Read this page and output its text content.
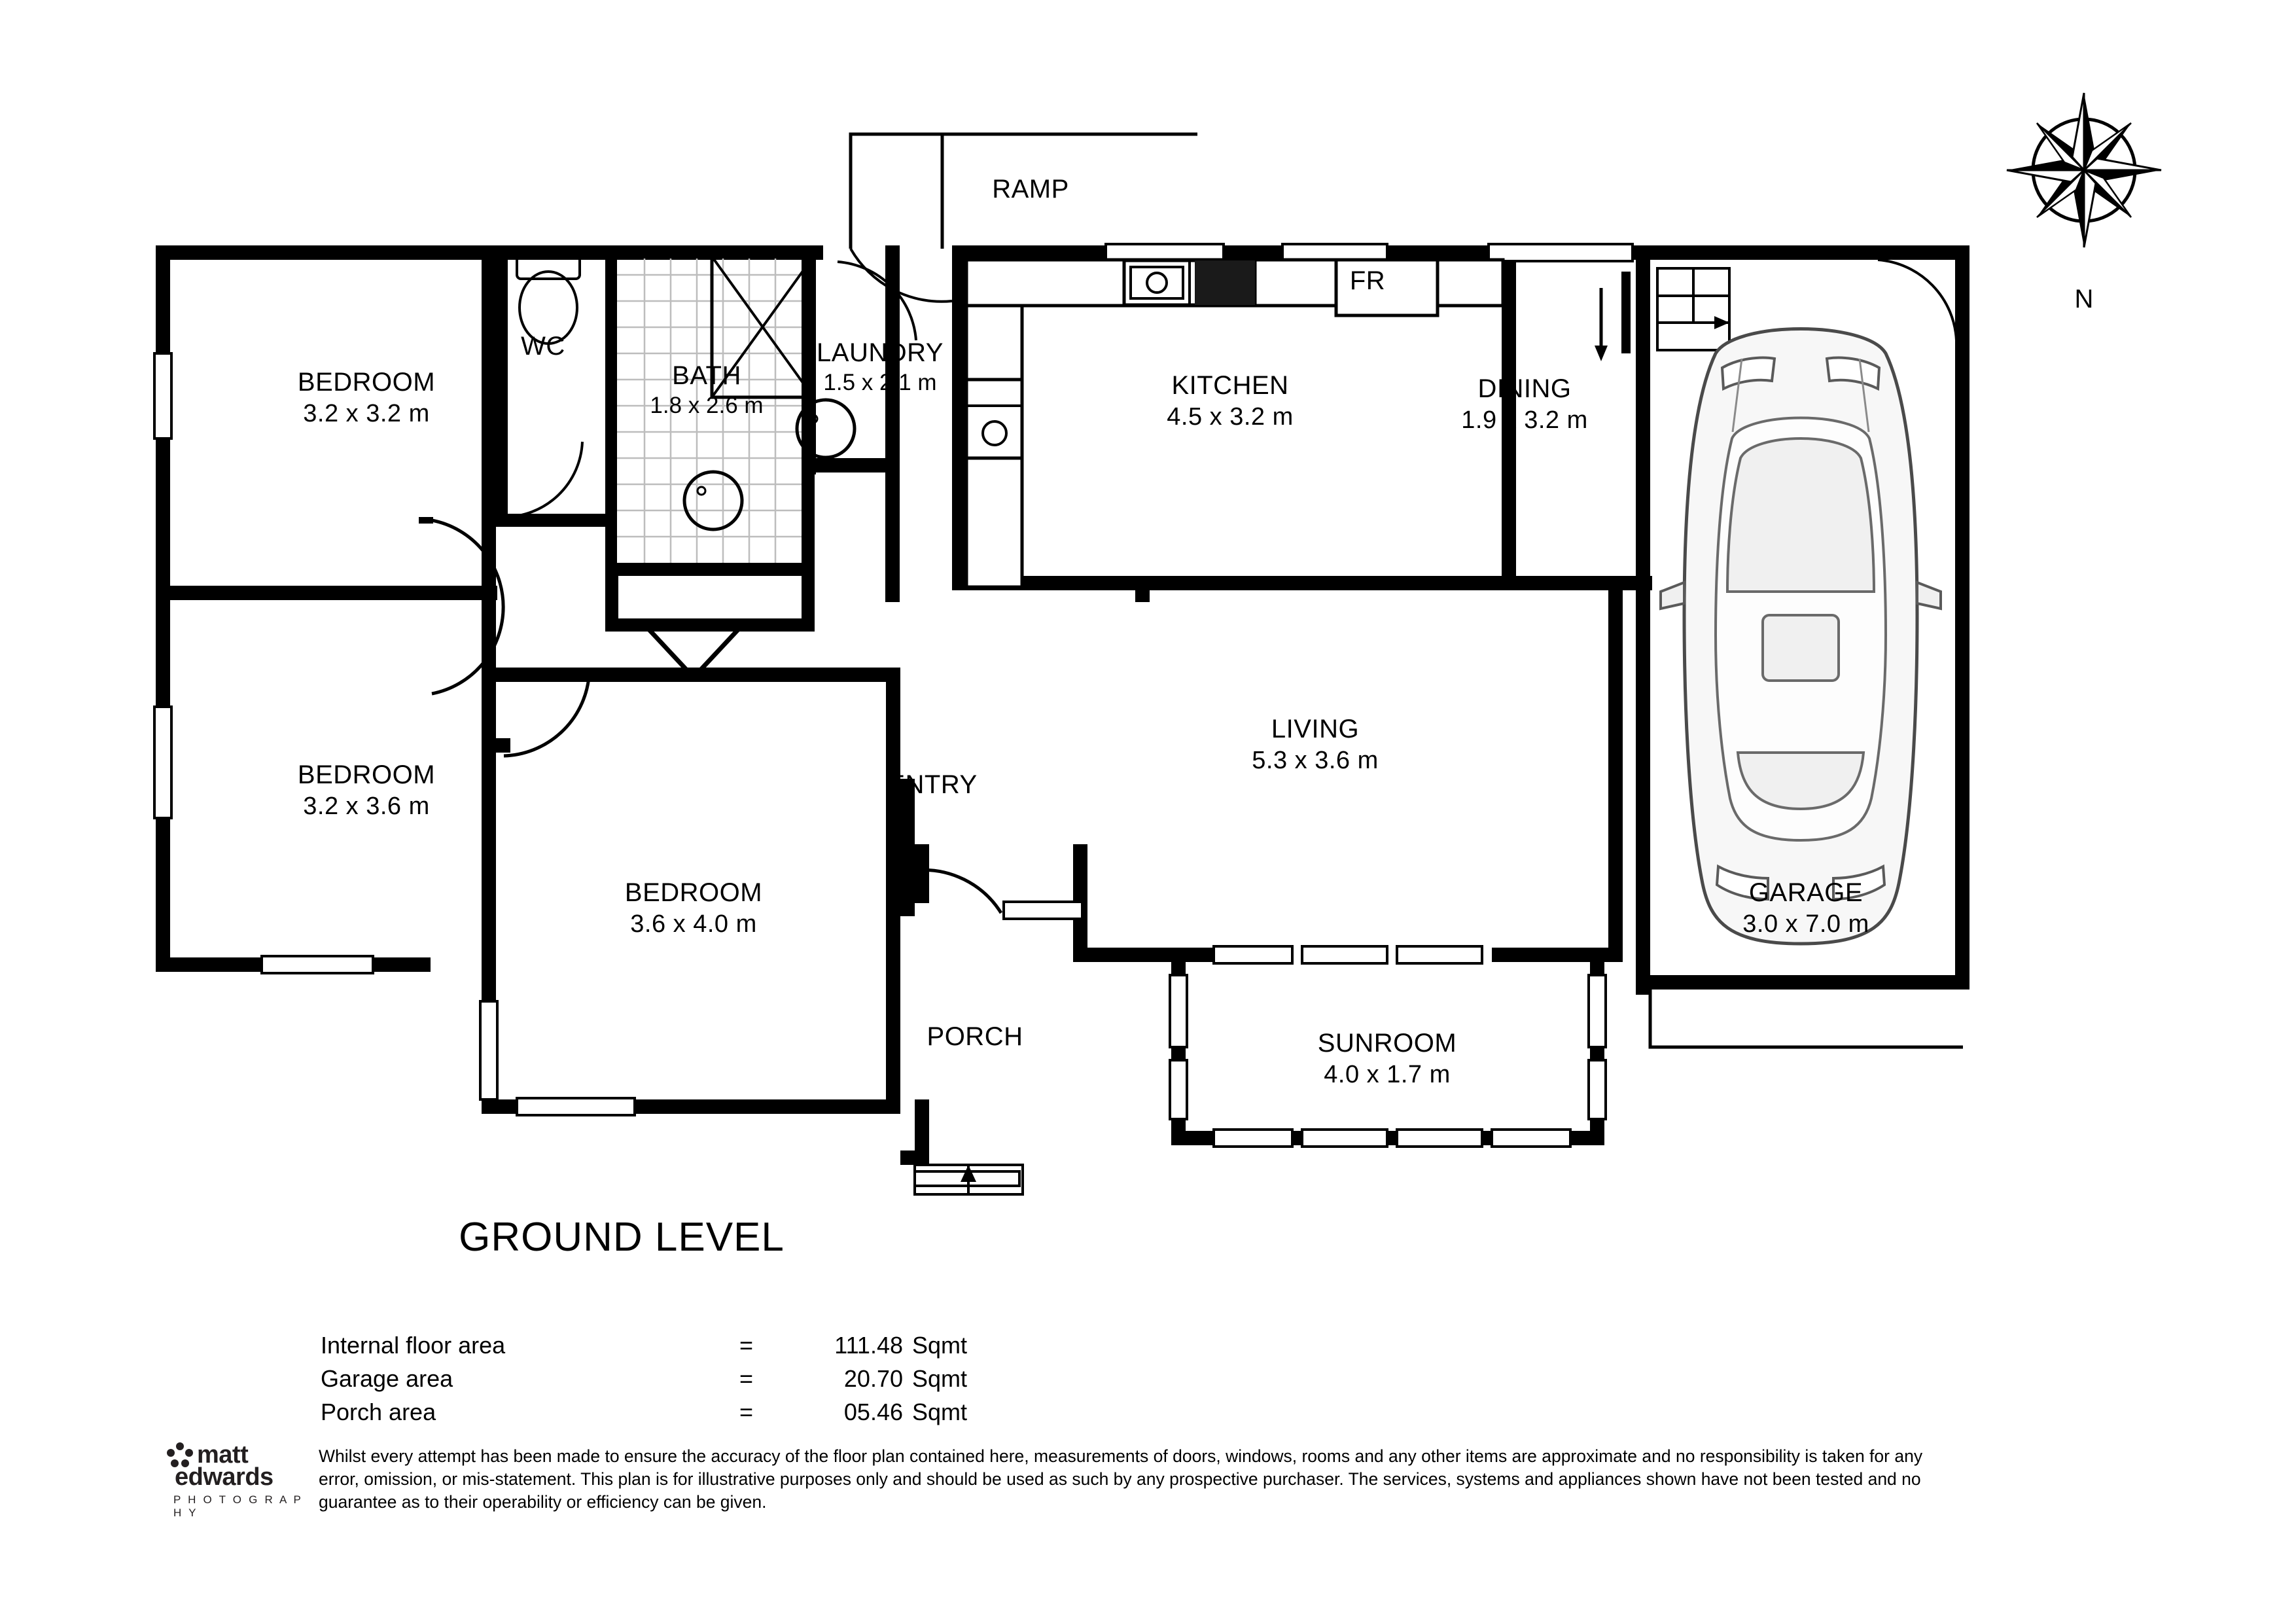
BEDROOM
3.2 x 3.2 m
BEDROOM
3.2 x 3.6 m
BEDROOM
3.6 x 4.0 m
BATH
1.8 x 2.6 m
WC	LAUNDRY
1.5 x 2.1 m	KITCHEN
4.5 x 3.2 m
DINING
1.9 x 3.2 m
LIVING
5.3 x 3.6 m
GARAGE
3.0 x 7.0 m
SUNROOM
4.0 x 1.7 m
ENTRY
PORCH
RAMP
FR
N
GROUND LEVEL
Internal floor area	=	111.48	Sqmt
Garage area	=	20.70	Sqmt
Porch area	=	05.46	Sqmt
matt
edwards
P H O T O G R A P H Y
Whilst every attempt has been made to ensure the accuracy of the floor plan contained here, measurements of doors, windows, rooms and any other items are approximate and no responsibility is taken for any error, omission, or mis-statement. This plan is for illustrative purposes only and should be used as such by any prospective purchaser. The services, systems and appliances shown have not been tested and no guarantee as to their operability or efficiency can be given.
